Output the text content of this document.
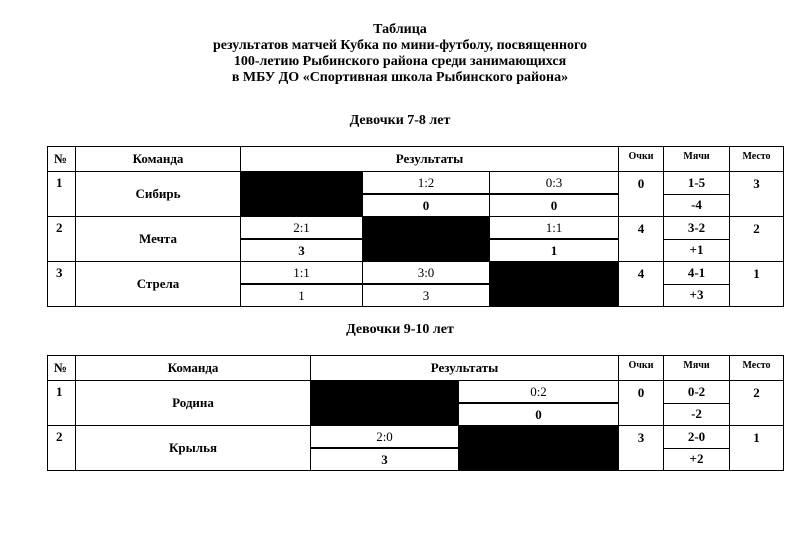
Таблица
результатов матчей Кубка по мини-футболу, посвященного
100-летию Рыбинского района среди занимающихся
в МБУ ДО «Спортивная школа Рыбинского района»
Девочки 7-8 лет
№	Команда	Результаты			Очки	Мячи	Место
1	Сибирь		1:2	0:3	0	1-5	3
			0	0		-4	
2	Мечта	2:1		1:1	4	3-2	2
		3		1		+1	
3	Стрела	1:1	3:0		4	4-1	1
		1	3			+3	
Девочки 9-10 лет
№	Команда	Результаты		Очки	Мячи	Место
1	Родина		0:2	0	0-2	2
			0		-2	
2	Крылья	2:0		3	2-0	1
		3			+2	
